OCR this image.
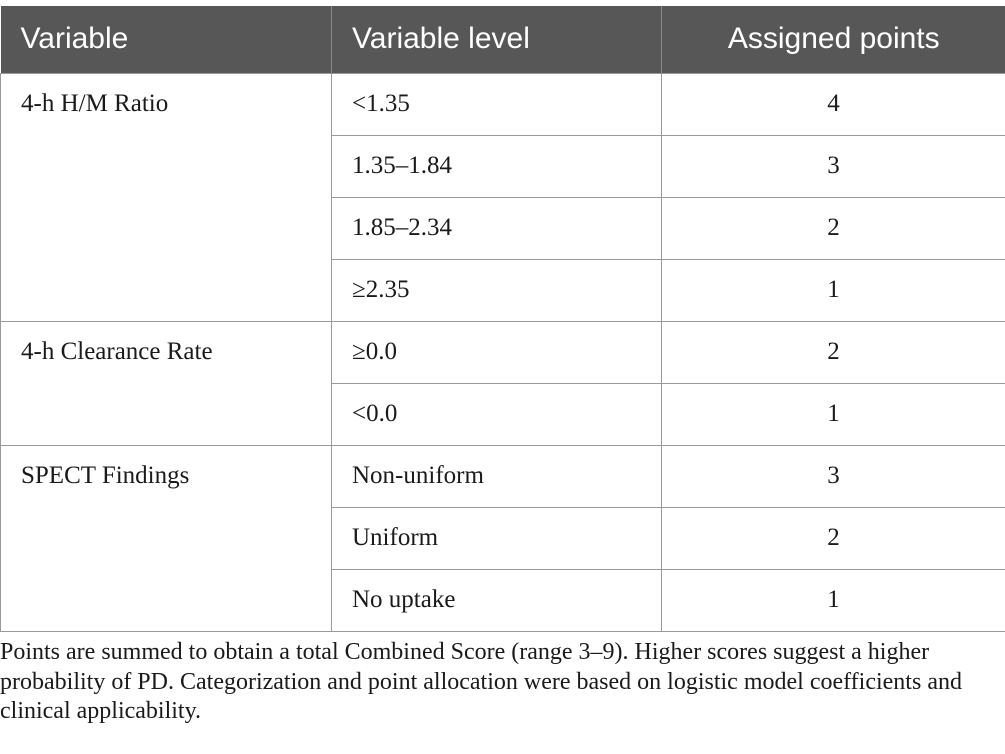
Variable	Variable level	Assigned points
4-h H/M Ratio	<1.35	4
	1.35–1.84	3
	1.85–2.34	2
	≥2.35	1
4-h Clearance Rate	≥0.0	2
	<0.0	1
SPECT Findings	Non-uniform	3
	Uniform	2
	No uptake	1

Points are summed to obtain a total Combined Score (range 3–9). Higher scores suggest a higher probability of PD. Categorization and point allocation were based on logistic model coefficients and clinical applicability.
